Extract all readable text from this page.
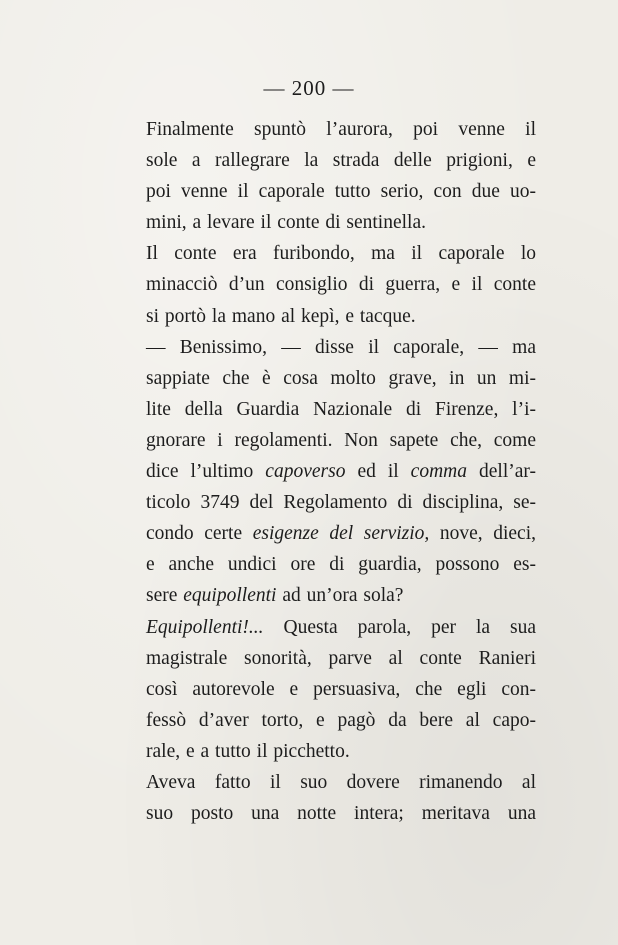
— 200 —
Finalmente spuntò l’aurora, poi venne il
sole a rallegrare la strada delle prigioni, e
poi venne il caporale tutto serio, con due uo-
mini, a levare il conte di sentinella.
Il conte era furibondo, ma il caporale lo
minacciò d’un consiglio di guerra, e il conte
si portò la mano al kepì, e tacque.
— Benissimo, — disse il caporale, — ma
sappiate che è cosa molto grave, in un mi-
lite della Guardia Nazionale di Firenze, l’i-
gnorare i regolamenti. Non sapete che, come
dice l’ultimo capoverso ed il comma dell’ar-
ticolo 3749 del Regolamento di disciplina, se-
condo certe esigenze del servizio, nove, dieci,
e anche undici ore di guardia, possono es-
sere equipollenti ad un’ora sola?
Equipollenti!... Questa parola, per la sua
magistrale sonorità, parve al conte Ranieri
così autorevole e persuasiva, che egli con-
fessò d’aver torto, e pagò da bere al capo-
rale, e a tutto il picchetto.
Aveva fatto il suo dovere rimanendo al
suo posto una notte intera; meritava una
